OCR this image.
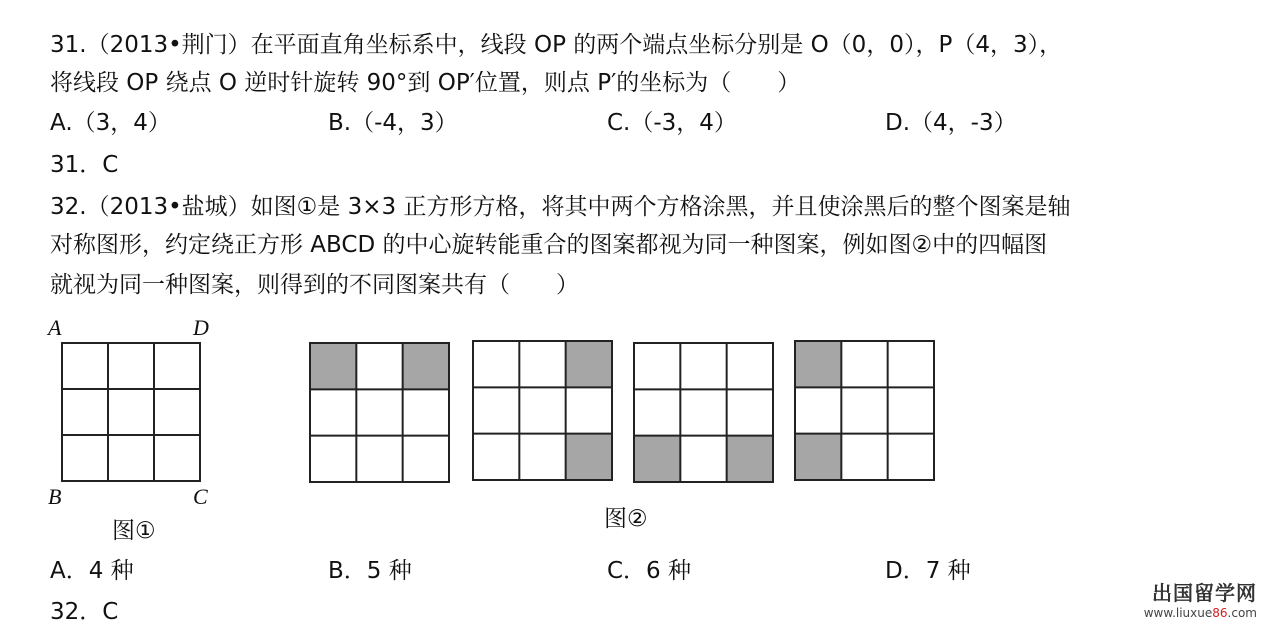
31.（2013•荆门）在平面直角坐标系中，线段 OP 的两个端点坐标分别是 O（0，0），P（4，3），
将线段 OP 绕点 O 逆时针旋转 90°到 OP′位置，则点 P′的坐标为（　　）
A.（3，4）	B.（-4，3）	C.（-3，4）	D.（4，-3）
31．C
32.（2013•盐城）如图①是 3×3 正方形方格，将其中两个方格涂黑，并且使涂黑后的整个图案是轴
对称图形，约定绕正方形 ABCD 的中心旋转能重合的图案都视为同一种图案，例如图②中的四幅图
就视为同一种图案，则得到的不同图案共有（　　）
A	D
B	C
图①	图②
A．4 种	B．5 种	C．6 种	D．7 种
32．C
出国留学网
www.liuxue86.com
